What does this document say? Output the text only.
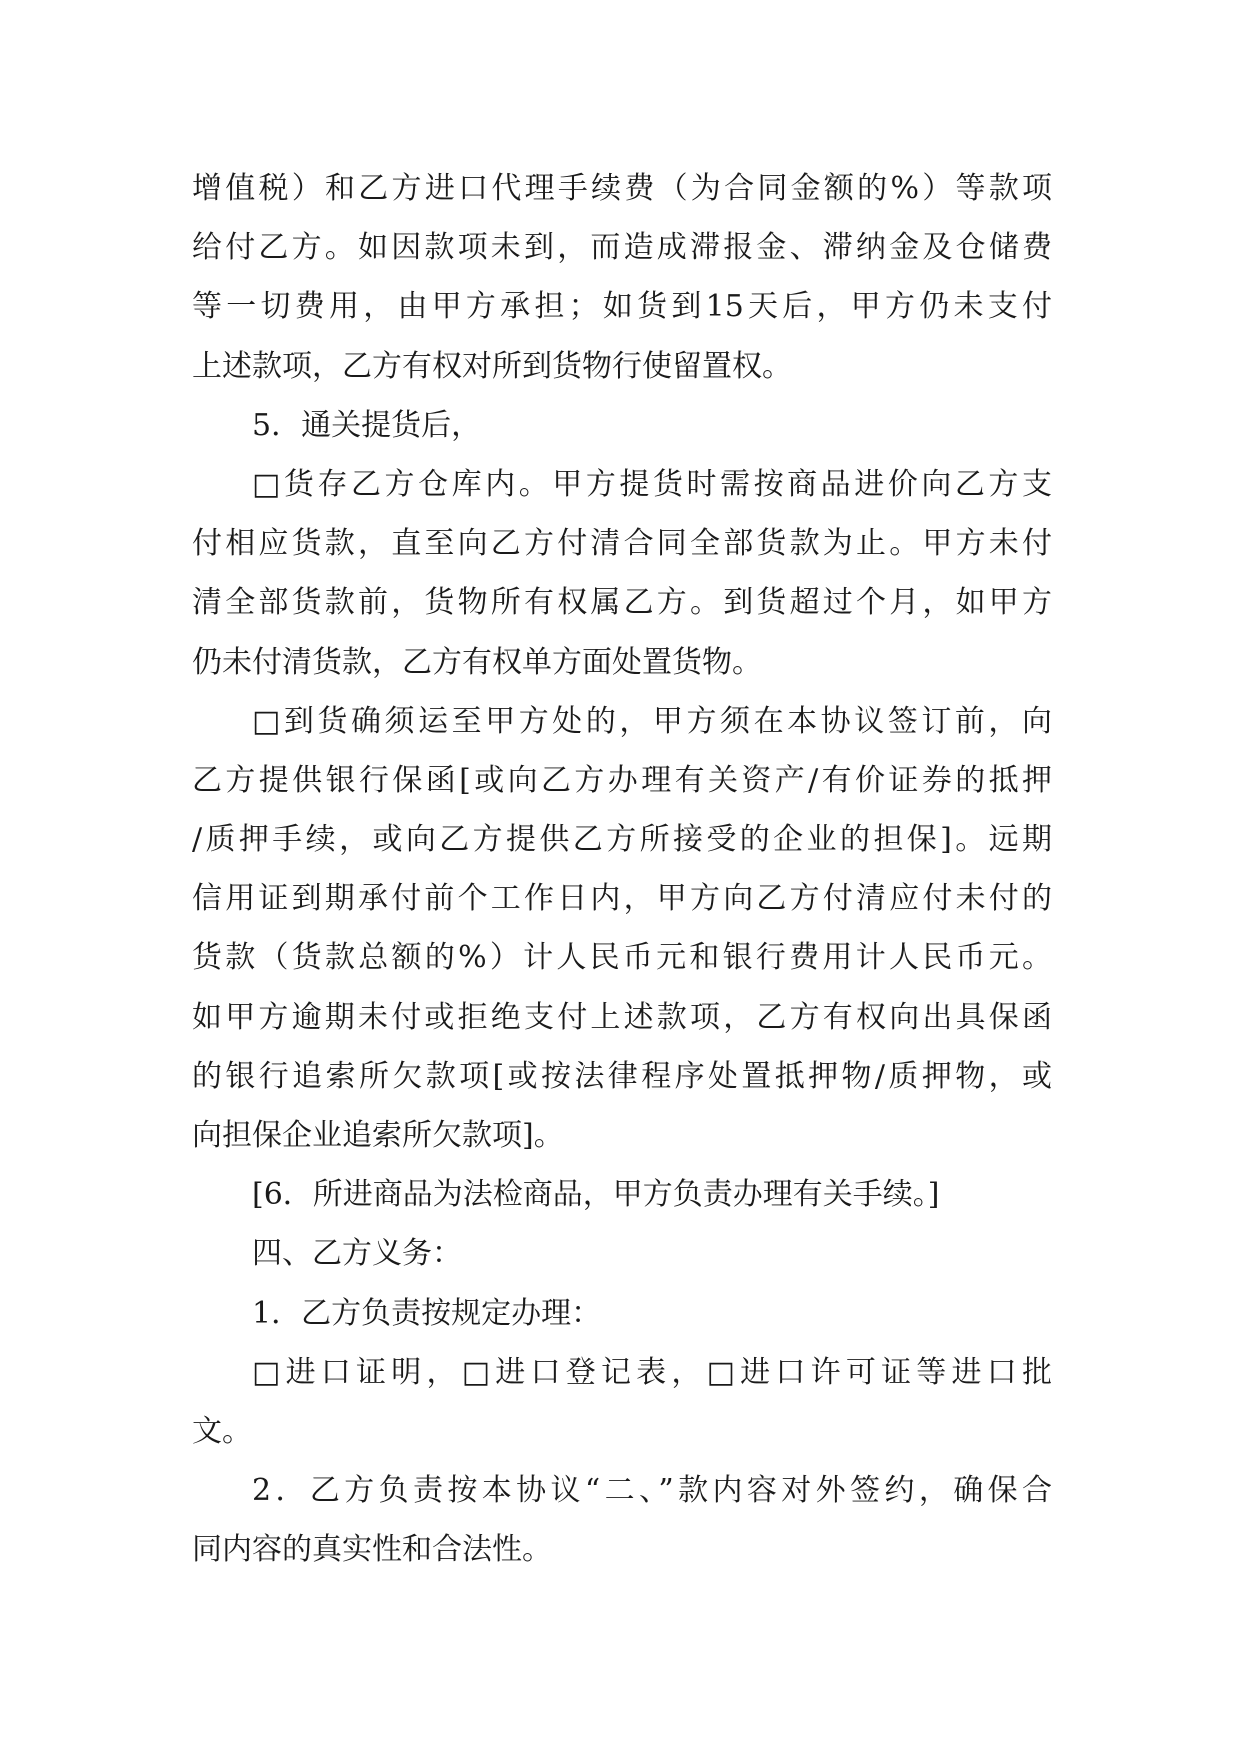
增值税）和乙方进口代理手续费（为合同金额的%）等款项
给付乙方。如因款项未到，而造成滞报金、滞纳金及仓储费
等一切费用，由甲方承担；如货到15天后，甲方仍未支付
上述款项，乙方有权对所到货物行使留置权。
5．通关提货后，
□货存乙方仓库内。甲方提货时需按商品进价向乙方支
付相应货款，直至向乙方付清合同全部货款为止。甲方未付
清全部货款前，货物所有权属乙方。到货超过个月，如甲方
仍未付清货款，乙方有权单方面处置货物。
□到货确须运至甲方处的，甲方须在本协议签订前，向
乙方提供银行保函[或向乙方办理有关资产/有价证券的抵押
/质押手续，或向乙方提供乙方所接受的企业的担保]。远期
信用证到期承付前个工作日内，甲方向乙方付清应付未付的
货款（货款总额的%）计人民币元和银行费用计人民币元。
如甲方逾期未付或拒绝支付上述款项，乙方有权向出具保函
的银行追索所欠款项[或按法律程序处置抵押物/质押物，或
向担保企业追索所欠款项]。
[6．所进商品为法检商品，甲方负责办理有关手续。]
四、乙方义务：
1．乙方负责按规定办理：
□进口证明，□进口登记表，□进口许可证等进口批
文。
2．乙方负责按本协议“二、”款内容对外签约，确保合
同内容的真实性和合法性。
